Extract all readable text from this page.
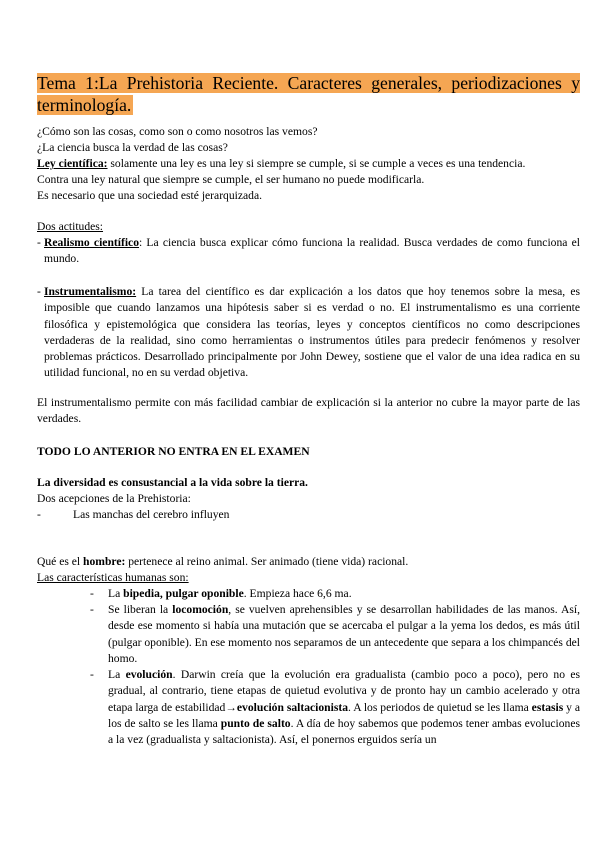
Tema 1:La Prehistoria Reciente. Caracteres generales, periodizaciones y
terminología.
¿Cómo son las cosas, como son o como nosotros las vemos?
¿La ciencia busca la verdad de las cosas?
Ley científica: solamente una ley es una ley si siempre se cumple, si se cumple a veces es una tendencia.
Contra una ley natural que siempre se cumple, el ser humano no puede modificarla.
Es necesario que una sociedad esté jerarquizada.
Dos actitudes:
- Realismo científico: La ciencia busca explicar cómo funciona la realidad. Busca verdades de como funciona el mundo.
- Instrumentalismo: La tarea del científico es dar explicación a los datos que hoy tenemos sobre la mesa, es imposible que cuando lanzamos una hipótesis saber si es verdad o no. El instrumentalismo es una corriente filosófica y epistemológica que considera las teorías, leyes y conceptos científicos no como descripciones verdaderas de la realidad, sino como herramientas o instrumentos útiles para predecir fenómenos y resolver problemas prácticos. Desarrollado principalmente por John Dewey, sostiene que el valor de una idea radica en su utilidad funcional, no en su verdad objetiva.
El instrumentalismo permite con más facilidad cambiar de explicación si la anterior no cubre la mayor parte de las verdades.
TODO LO ANTERIOR NO ENTRA EN EL EXAMEN
La diversidad es consustancial a la vida sobre la tierra.
Dos acepciones de la Prehistoria:
-	Las manchas del cerebro influyen
Qué es el hombre: pertenece al reino animal. Ser animado (tiene vida) racional.
Las características humanas son:
- La bipedia, pulgar oponible. Empieza hace 6,6 ma.
- Se liberan la locomoción, se vuelven aprehensibles y se desarrollan habilidades de las manos. Así, desde ese momento si había una mutación que se acercaba el pulgar a la yema los dedos, es más útil (pulgar oponible). En ese momento nos separamos de un antecedente que separa a los chimpancés del homo.
- La evolución. Darwin creía que la evolución era gradualista (cambio poco a poco), pero no es gradual, al contrario, tiene etapas de quietud evolutiva y de pronto hay un cambio acelerado y otra etapa larga de estabilidad→evolución saltacionista. A los periodos de quietud se les llama estasis y a los de salto se les llama punto de salto. A día de hoy sabemos que podemos tener ambas evoluciones a la vez (gradualista y saltacionista). Así, el ponernos erguidos sería un
